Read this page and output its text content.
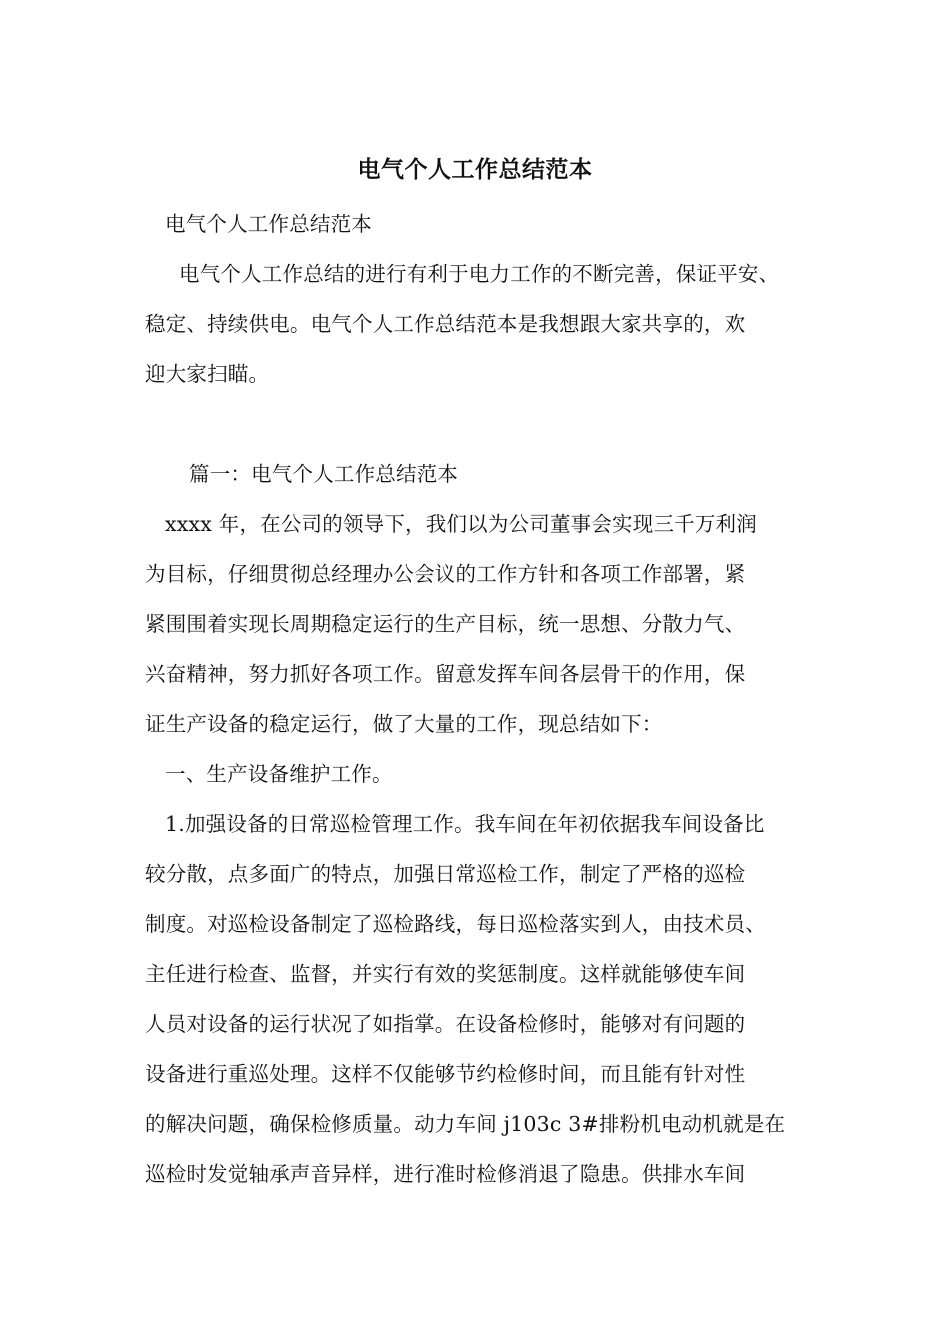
电气个人工作总结范本
电气个人工作总结范本
电气个人工作总结的进行有利于电力工作的不断完善，保证平安、
稳定、持续供电。电气个人工作总结范本是我想跟大家共享的，欢
迎大家扫瞄。
篇一：电气个人工作总结范本
xxxx 年，在公司的领导下，我们以为公司董事会实现三千万利润
为目标，仔细贯彻总经理办公会议的工作方针和各项工作部署，紧
紧围围着实现长周期稳定运行的生产目标，统一思想、分散力气、
兴奋精神，努力抓好各项工作。留意发挥车间各层骨干的作用，保
证生产设备的稳定运行，做了大量的工作，现总结如下：
一、生产设备维护工作。
1.加强设备的日常巡检管理工作。我车间在年初依据我车间设备比
较分散，点多面广的特点，加强日常巡检工作，制定了严格的巡检
制度。对巡检设备制定了巡检路线，每日巡检落实到人，由技术员、
主任进行检查、监督，并实行有效的奖惩制度。这样就能够使车间
人员对设备的运行状况了如指掌。在设备检修时，能够对有问题的
设备进行重巡处理。这样不仅能够节约检修时间，而且能有针对性
的解决问题，确保检修质量。动力车间 j103c 3#排粉机电动机就是在
巡检时发觉轴承声音异样，进行准时检修消退了隐患。供排水车间
